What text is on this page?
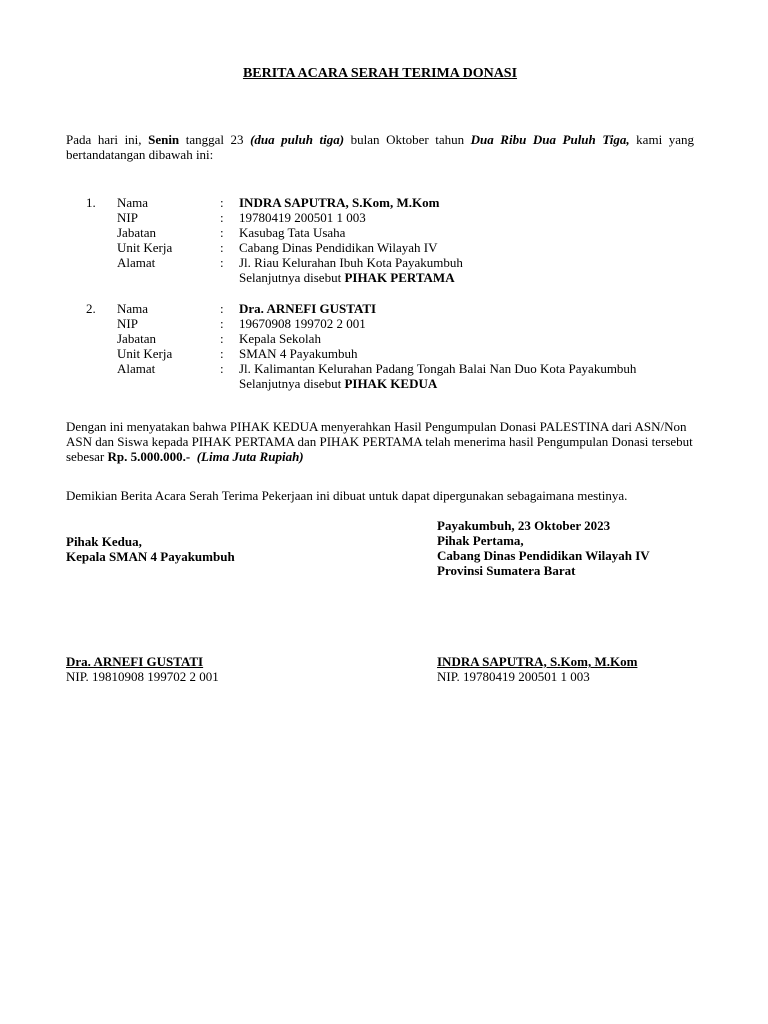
BERITA ACARA SERAH TERIMA DONASI
Pada hari ini, Senin tanggal 23 (dua puluh tiga) bulan Oktober tahun Dua Ribu Dua Puluh Tiga, kami yang bertandatangan dibawah ini:
1. Nama	: INDRA SAPUTRA, S.Kom, M.Kom
NIP	: 19780419 200501 1 003
Jabatan	: Kasubag Tata Usaha
Unit Kerja	: Cabang Dinas Pendidikan Wilayah IV
Alamat	: Jl. Riau Kelurahan Ibuh Kota Payakumbuh
Selanjutnya disebut PIHAK PERTAMA
2. Nama	: Dra. ARNEFI GUSTATI
NIP	: 19670908 199702 2 001
Jabatan	: Kepala Sekolah
Unit Kerja	: SMAN 4 Payakumbuh
Alamat	: Jl. Kalimantan Kelurahan Padang Tongah Balai Nan Duo Kota Payakumbuh
Selanjutnya disebut PIHAK KEDUA
Dengan ini menyatakan bahwa PIHAK KEDUA menyerahkan Hasil Pengumpulan Donasi PALESTINA dari ASN/Non ASN dan Siswa kepada PIHAK PERTAMA dan PIHAK PERTAMA telah menerima hasil Pengumpulan Donasi tersebut sebesar Rp. 5.000.000.- (Lima Juta Rupiah)
Demikian Berita Acara Serah Terima Pekerjaan ini dibuat untuk dapat dipergunakan sebagaimana mestinya.
Pihak Kedua,
Kepala SMAN 4 Payakumbuh
Payakumbuh, 23 Oktober 2023
Pihak Pertama,
Cabang Dinas Pendidikan Wilayah IV
Provinsi Sumatera Barat
Dra. ARNEFI GUSTATI
NIP. 19810908 199702 2 001
INDRA SAPUTRA, S.Kom, M.Kom
NIP. 19780419 200501 1 003
